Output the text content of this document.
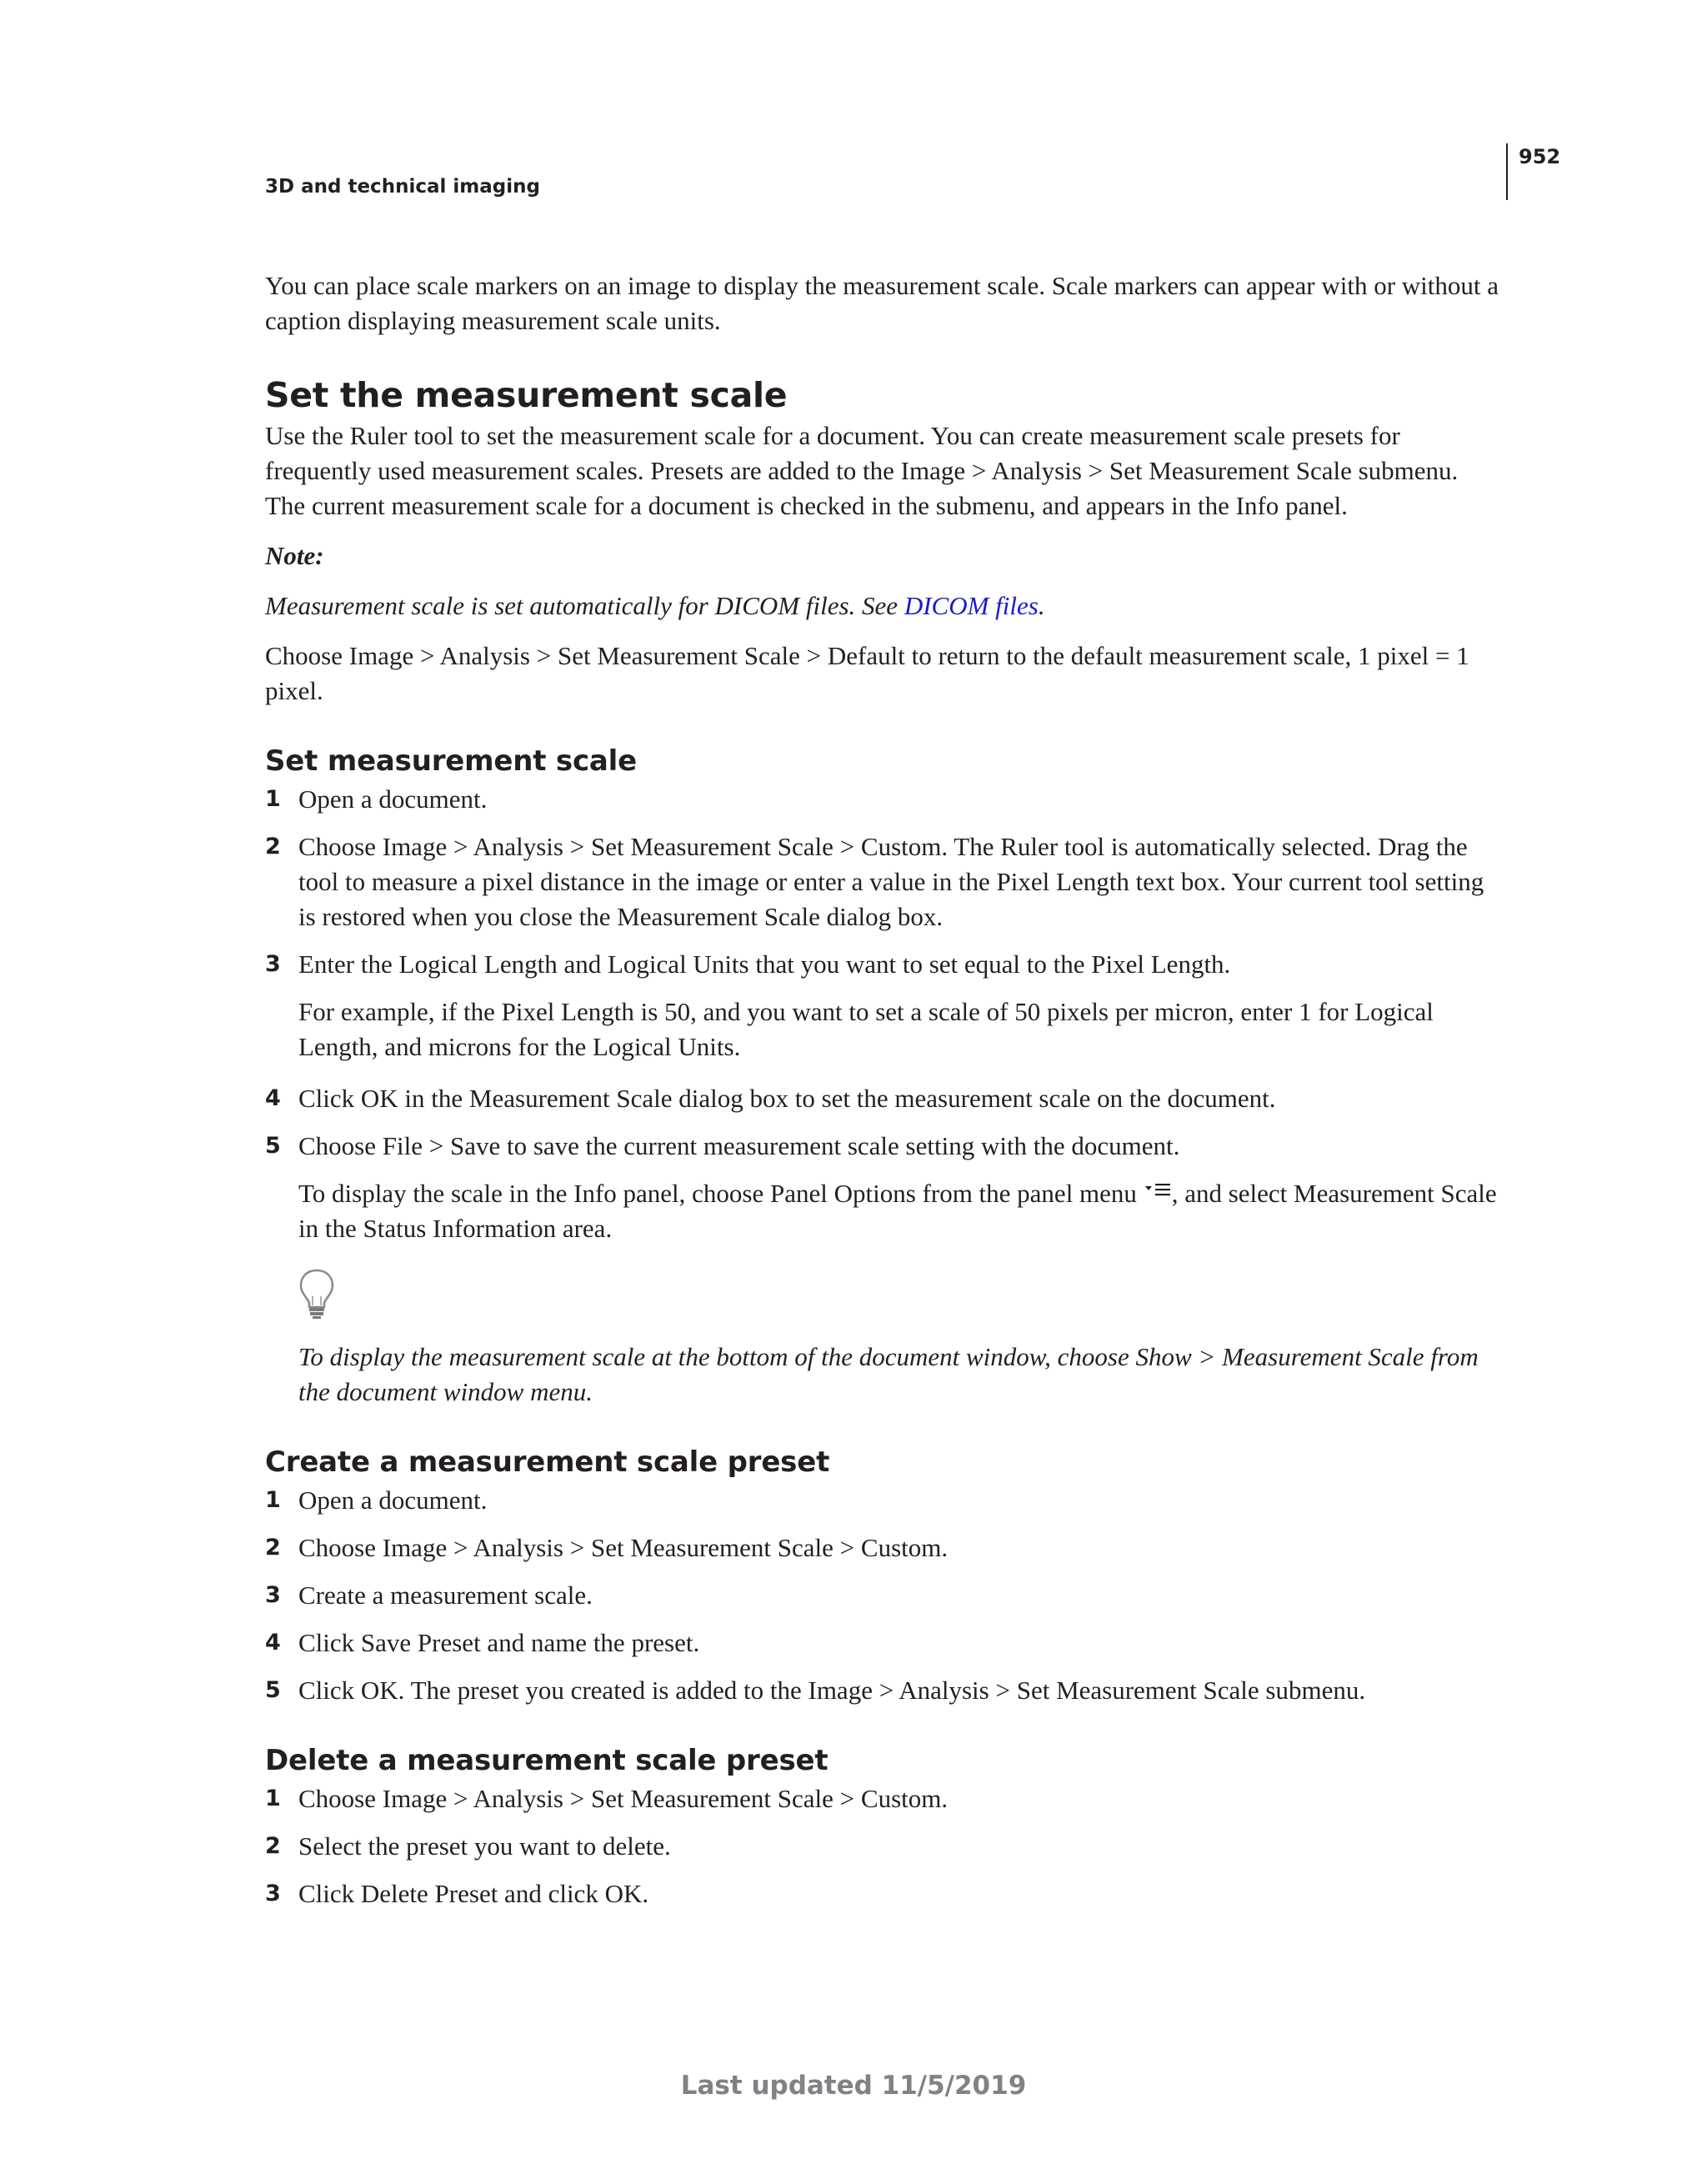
952
3D and technical imaging

You can place scale markers on an image to display the measurement scale. Scale markers can appear with or without a caption displaying measurement scale units.

Set the measurement scale

Use the Ruler tool to set the measurement scale for a document. You can create measurement scale presets for frequently used measurement scales. Presets are added to the Image > Analysis > Set Measurement Scale submenu. The current measurement scale for a document is checked in the submenu, and appears in the Info panel.

Note:

Measurement scale is set automatically for DICOM files. See DICOM files.

Choose Image > Analysis > Set Measurement Scale > Default to return to the default measurement scale, 1 pixel = 1 pixel.

Set measurement scale
1 Open a document.
2 Choose Image > Analysis > Set Measurement Scale > Custom. The Ruler tool is automatically selected. Drag the tool to measure a pixel distance in the image or enter a value in the Pixel Length text box. Your current tool setting is restored when you close the Measurement Scale dialog box.
3 Enter the Logical Length and Logical Units that you want to set equal to the Pixel Length.

For example, if the Pixel Length is 50, and you want to set a scale of 50 pixels per micron, enter 1 for Logical Length, and microns for the Logical Units.

4 Click OK in the Measurement Scale dialog box to set the measurement scale on the document.
5 Choose File > Save to save the current measurement scale setting with the document.

To display the scale in the Info panel, choose Panel Options from the panel menu , and select Measurement Scale in the Status Information area.

To display the measurement scale at the bottom of the document window, choose Show > Measurement Scale from the document window menu.

Create a measurement scale preset
1 Open a document.
2 Choose Image > Analysis > Set Measurement Scale > Custom.
3 Create a measurement scale.
4 Click Save Preset and name the preset.
5 Click OK. The preset you created is added to the Image > Analysis > Set Measurement Scale submenu.
Delete a measurement scale preset
1 Choose Image > Analysis > Set Measurement Scale > Custom.
2 Select the preset you want to delete.
3 Click Delete Preset and click OK.
Last updated 11/5/2019
